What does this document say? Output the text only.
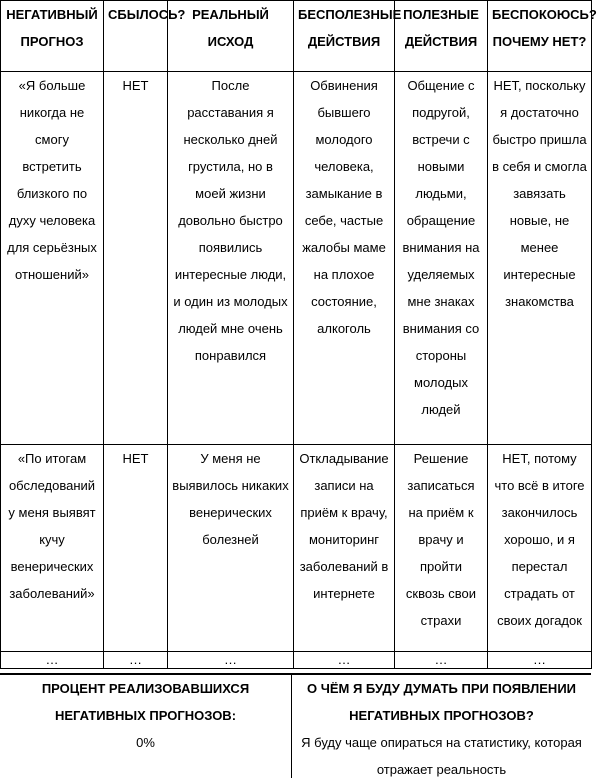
НЕГАТИВНЫЙ ПРОГНОЗ	СБЫЛОСЬ?	РЕАЛЬНЫЙ ИСХОД	БЕСПОЛЕЗНЫЕ ДЕЙСТВИЯ	ПОЛЕЗНЫЕ ДЕЙСТВИЯ	БЕСПОКОЮСЬ? ПОЧЕМУ НЕТ?
«Я больше никогда не смогу встретить близкого по духу человека для серьёзных отношений»	НЕТ	После расставания я несколько дней грустила, но в моей жизни довольно быстро появились интересные люди, и один из молодых людей мне очень понравился	Обвинения бывшего молодого человека, замыкание в себе, частые жалобы маме на плохое состояние, алкоголь	Общение с подругой, встречи с новыми людьми, обращение внимания на уделяемых мне знаках внимания со стороны молодых людей	НЕТ, поскольку я достаточно быстро пришла в себя и смогла завязать новые, не менее интересные знакомства
«По итогам обследований у меня выявят кучу венерических заболеваний»	НЕТ	У меня не выявилось никаких венерических болезней	Откладывание записи на приём к врачу, мониторинг заболеваний в интернете	Решение записаться на приём к врачу и пройти сквозь свои страхи	НЕТ, потому что всё в итоге закончилось хорошо, и я перестал страдать от своих догадок
…	…	…	…	…	…
ПРОЦЕНТ РЕАЛИЗОВАВШИХСЯ НЕГАТИВНЫХ ПРОГНОЗОВ:
0%
О ЧЁМ Я БУДУ ДУМАТЬ ПРИ ПОЯВЛЕНИИ НЕГАТИВНЫХ ПРОГНОЗОВ?
Я буду чаще опираться на статистику, которая отражает реальность
